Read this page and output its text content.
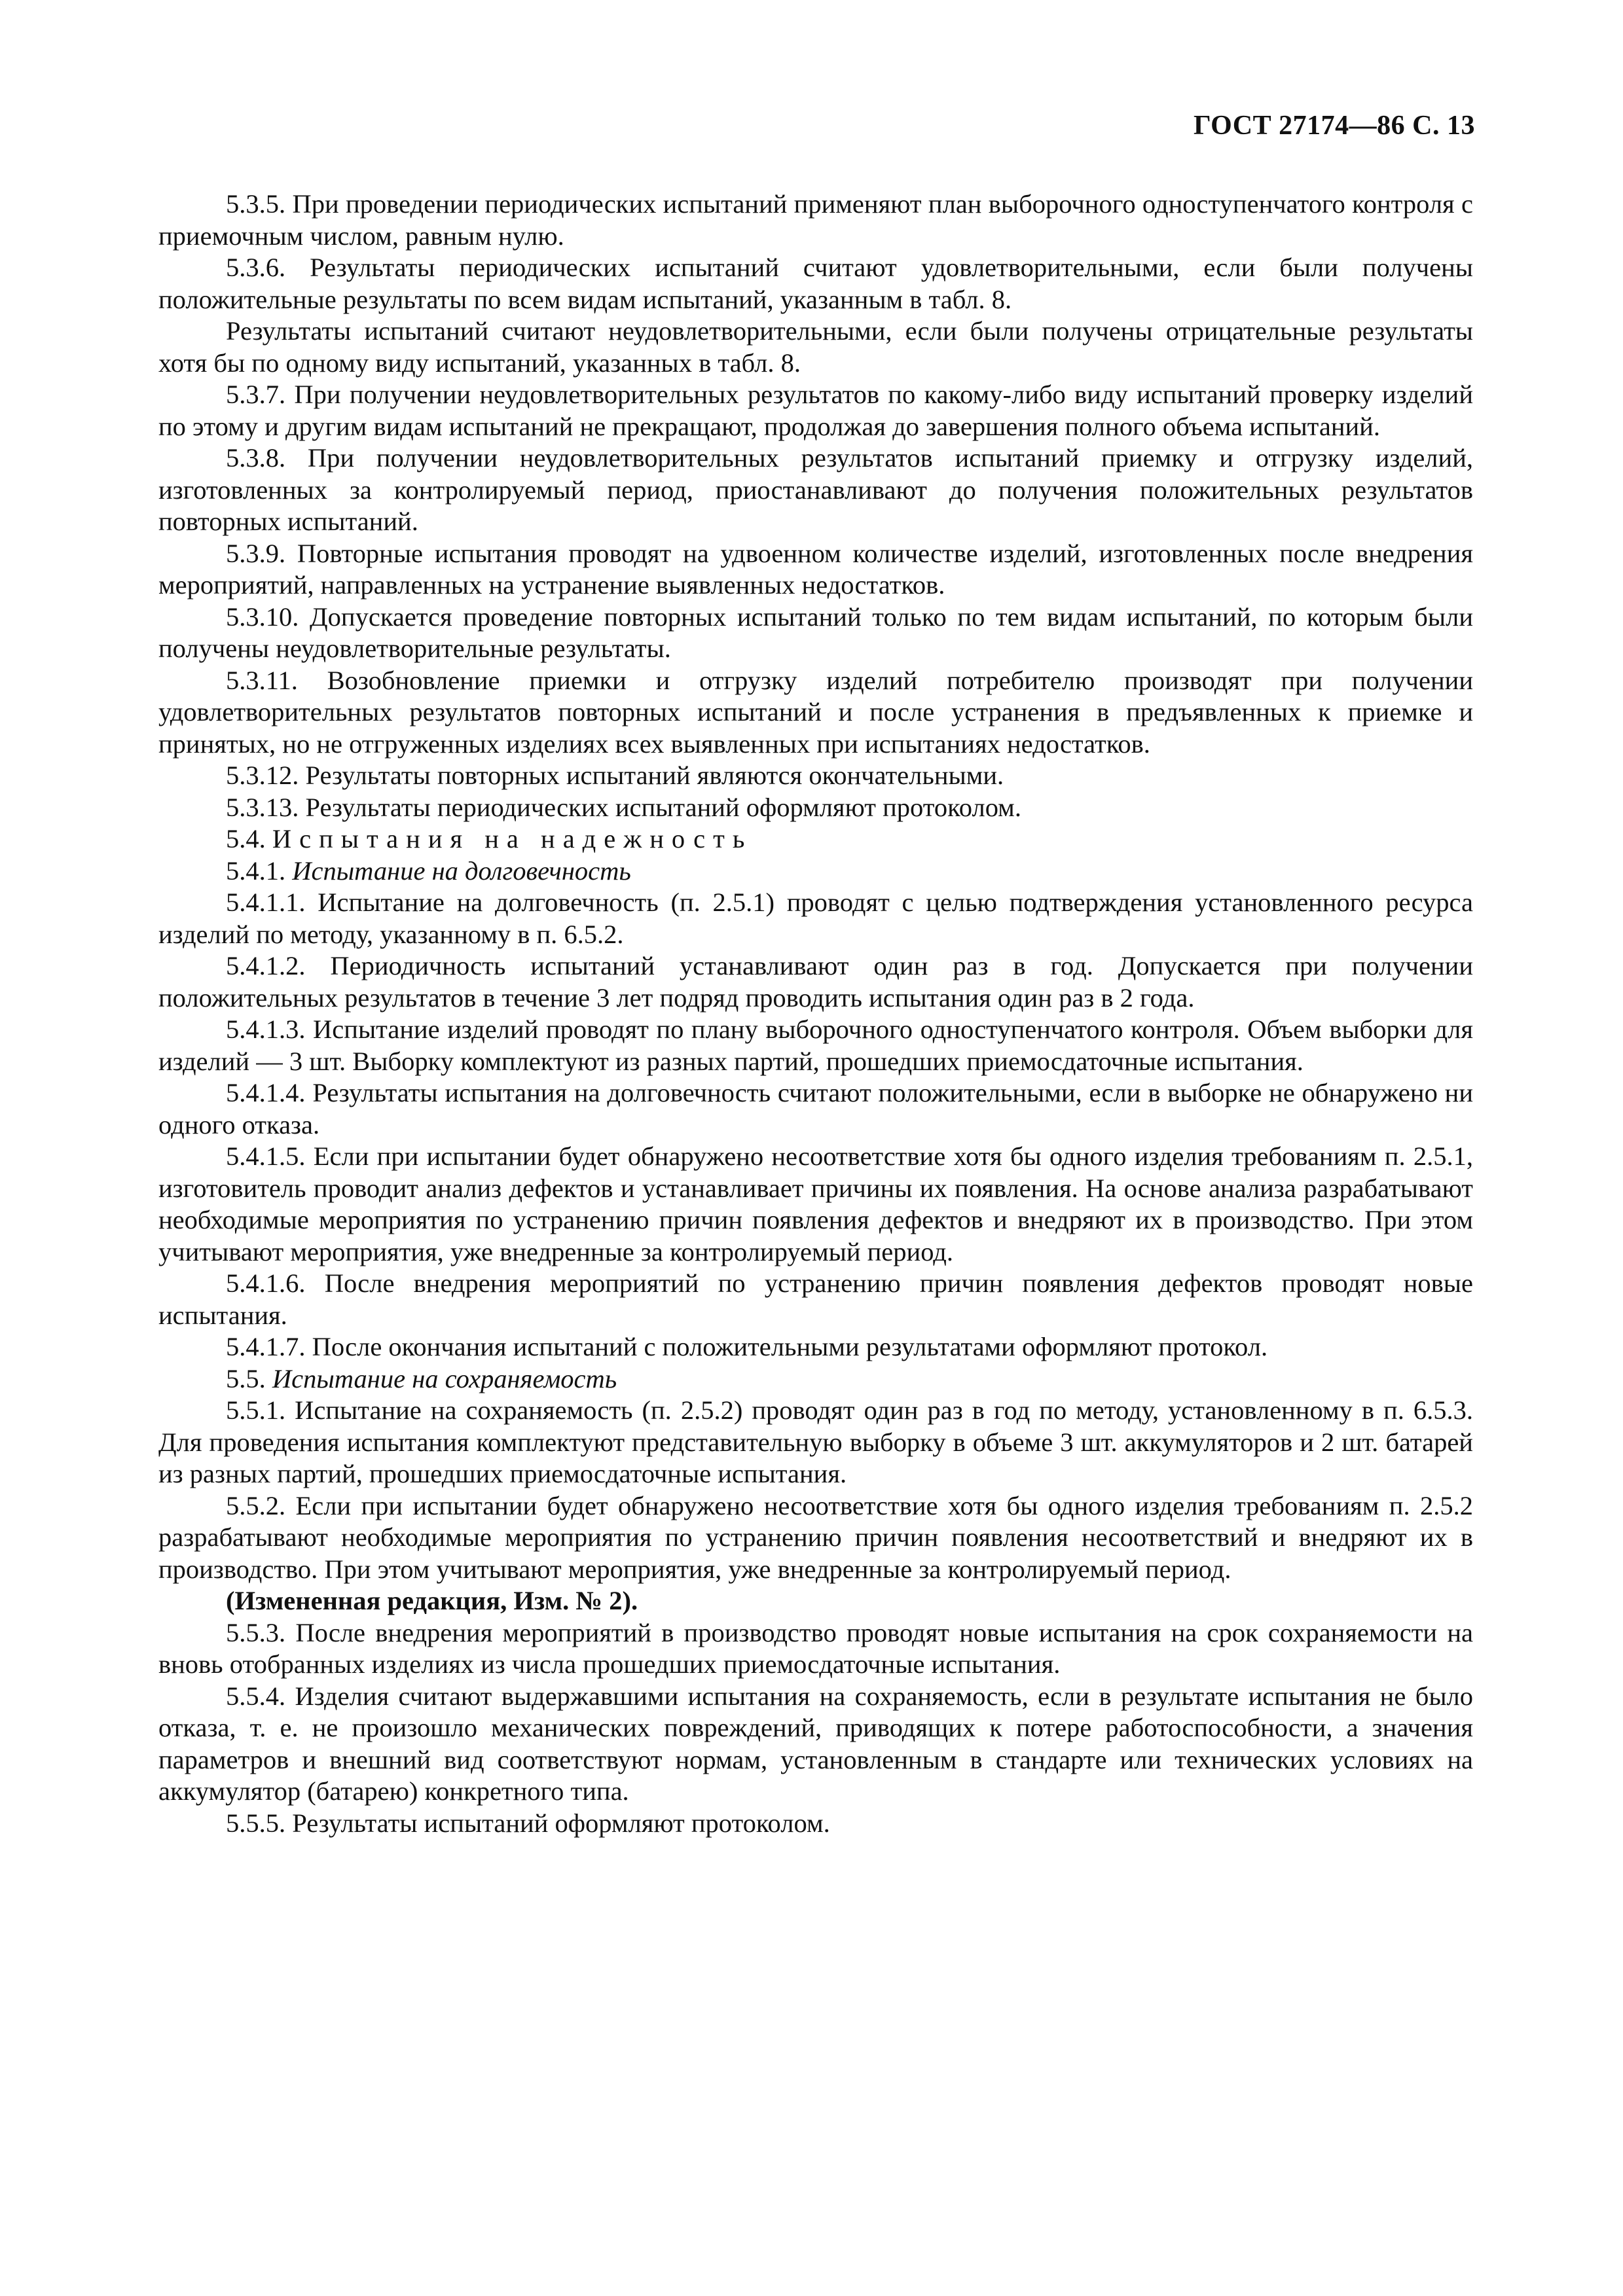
ГОСТ 27174—86 С. 13

5.3.5. При проведении периодических испытаний применяют план выборочного одноступенчатого контроля с приемочным числом, равным нулю.

5.3.6. Результаты периодических испытаний считают удовлетворительными, если были получены положительные результаты по всем видам испытаний, указанным в табл. 8.

Результаты испытаний считают неудовлетворительными, если были получены отрицательные результаты хотя бы по одному виду испытаний, указанных в табл. 8.

5.3.7. При получении неудовлетворительных результатов по какому-либо виду испытаний проверку изделий по этому и другим видам испытаний не прекращают, продолжая до завершения полного объема испытаний.

5.3.8. При получении неудовлетворительных результатов испытаний приемку и отгрузку изделий, изготовленных за контролируемый период, приостанавливают до получения положительных результатов повторных испытаний.

5.3.9. Повторные испытания проводят на удвоенном количестве изделий, изготовленных после внедрения мероприятий, направленных на устранение выявленных недостатков.

5.3.10. Допускается проведение повторных испытаний только по тем видам испытаний, по которым были получены неудовлетворительные результаты.

5.3.11. Возобновление приемки и отгрузку изделий потребителю производят при получении удовлетворительных результатов повторных испытаний и после устранения в предъявленных к приемке и принятых, но не отгруженных изделиях всех выявленных при испытаниях недостатков.

5.3.12. Результаты повторных испытаний являются окончательными.

5.3.13. Результаты периодических испытаний оформляют протоколом.

5.4. Испытания на надежность

5.4.1. Испытание на долговечность

5.4.1.1. Испытание на долговечность (п. 2.5.1) проводят с целью подтверждения установленного ресурса изделий по методу, указанному в п. 6.5.2.

5.4.1.2. Периодичность испытаний устанавливают один раз в год. Допускается при получении положительных результатов в течение 3 лет подряд проводить испытания один раз в 2 года.

5.4.1.3. Испытание изделий проводят по плану выборочного одноступенчатого контроля. Объем выборки для изделий — 3 шт. Выборку комплектуют из разных партий, прошедших приемосдаточные испытания.

5.4.1.4. Результаты испытания на долговечность считают положительными, если в выборке не обнаружено ни одного отказа.

5.4.1.5. Если при испытании будет обнаружено несоответствие хотя бы одного изделия требованиям п. 2.5.1, изготовитель проводит анализ дефектов и устанавливает причины их появления. На основе анализа разрабатывают необходимые мероприятия по устранению причин появления дефектов и внедряют их в производство. При этом учитывают мероприятия, уже внедренные за контролируемый период.

5.4.1.6. После внедрения мероприятий по устранению причин появления дефектов проводят новые испытания.

5.4.1.7. После окончания испытаний с положительными результатами оформляют протокол.

5.5. Испытание на сохраняемость

5.5.1. Испытание на сохраняемость (п. 2.5.2) проводят один раз в год по методу, установленному в п. 6.5.3. Для проведения испытания комплектуют представительную выборку в объеме 3 шт. аккумуляторов и 2 шт. батарей из разных партий, прошедших приемосдаточные испытания.

5.5.2. Если при испытании будет обнаружено несоответствие хотя бы одного изделия требованиям п. 2.5.2 разрабатывают необходимые мероприятия по устранению причин появления несоответствий и внедряют их в производство. При этом учитывают мероприятия, уже внедренные за контролируемый период.

(Измененная редакция, Изм. № 2).

5.5.3. После внедрения мероприятий в производство проводят новые испытания на срок сохраняемости на вновь отобранных изделиях из числа прошедших приемосдаточные испытания.

5.5.4. Изделия считают выдержавшими испытания на сохраняемость, если в результате испытания не было отказа, т. е. не произошло механических повреждений, приводящих к потере работоспособности, а значения параметров и внешний вид соответствуют нормам, установленным в стандарте или технических условиях на аккумулятор (батарею) конкретного типа.

5.5.5. Результаты испытаний оформляют протоколом.
